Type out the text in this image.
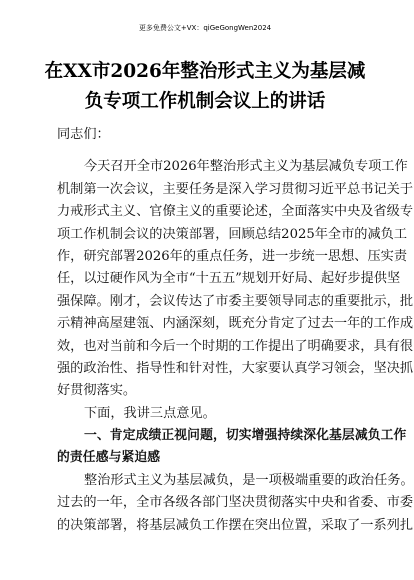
更多免费公文+VX：qiGeGongWen2024
在XX市2026年整治形式主义为基层减
负专项工作机制会议上的讲话
同志们：
今天召开全市2026年整治形式主义为基层减负专项工作
机制第一次会议，主要任务是深入学习贯彻习近平总书记关于
力戒形式主义、官僚主义的重要论述，全面落实中央及省级专
项工作机制会议的决策部署，回顾总结2025年全市的减负工
作，研究部署2026年的重点任务，进一步统一思想、压实责
任，以过硬作风为全市“十五五”规划开好局、起好步提供坚
强保障。刚才，会议传达了市委主要领导同志的重要批示，批
示精神高屋建瓴、内涵深刻，既充分肯定了过去一年的工作成
效，也对当前和今后一个时期的工作提出了明确要求，具有很
强的政治性、指导性和针对性，大家要认真学习领会，坚决抓
好贯彻落实。
下面，我讲三点意见。
一、肯定成绩正视问题，切实增强持续深化基层减负工作
的责任感与紧迫感
整治形式主义为基层减负，是一项极端重要的政治任务。
过去的一年，全市各级各部门坚决贯彻落实中央和省委、市委
的决策部署，将基层减负工作摆在突出位置，采取了一系列扎
